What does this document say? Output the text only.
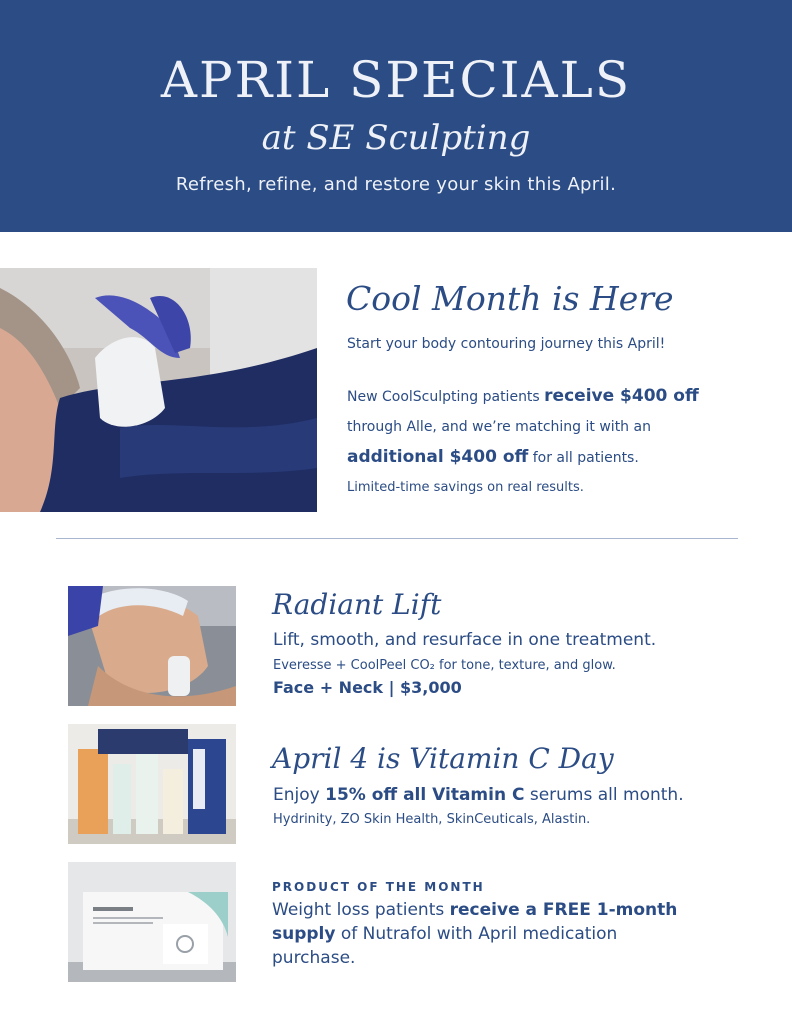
APRIL SPECIALS
at SE Sculpting
Refresh, refine, and restore your skin this April.
Cool Month is Here
Start your body contouring journey this April!
New CoolSculpting patients receive $400 off through Alle, and we’re matching it with an additional $400 off for all patients.
Limited-time savings on real results.
Radiant Lift
Lift, smooth, and resurface in one treatment.
Everesse + CoolPeel CO₂ for tone, texture, and glow.
Face + Neck | $3,000
April 4 is Vitamin C Day
Enjoy 15% off all Vitamin C serums all month.
Hydrinity, ZO Skin Health, SkinCeuticals, Alastin.
PRODUCT OF THE MONTH
Weight loss patients receive a FREE 1-month supply of Nutrafol with April medication purchase.
